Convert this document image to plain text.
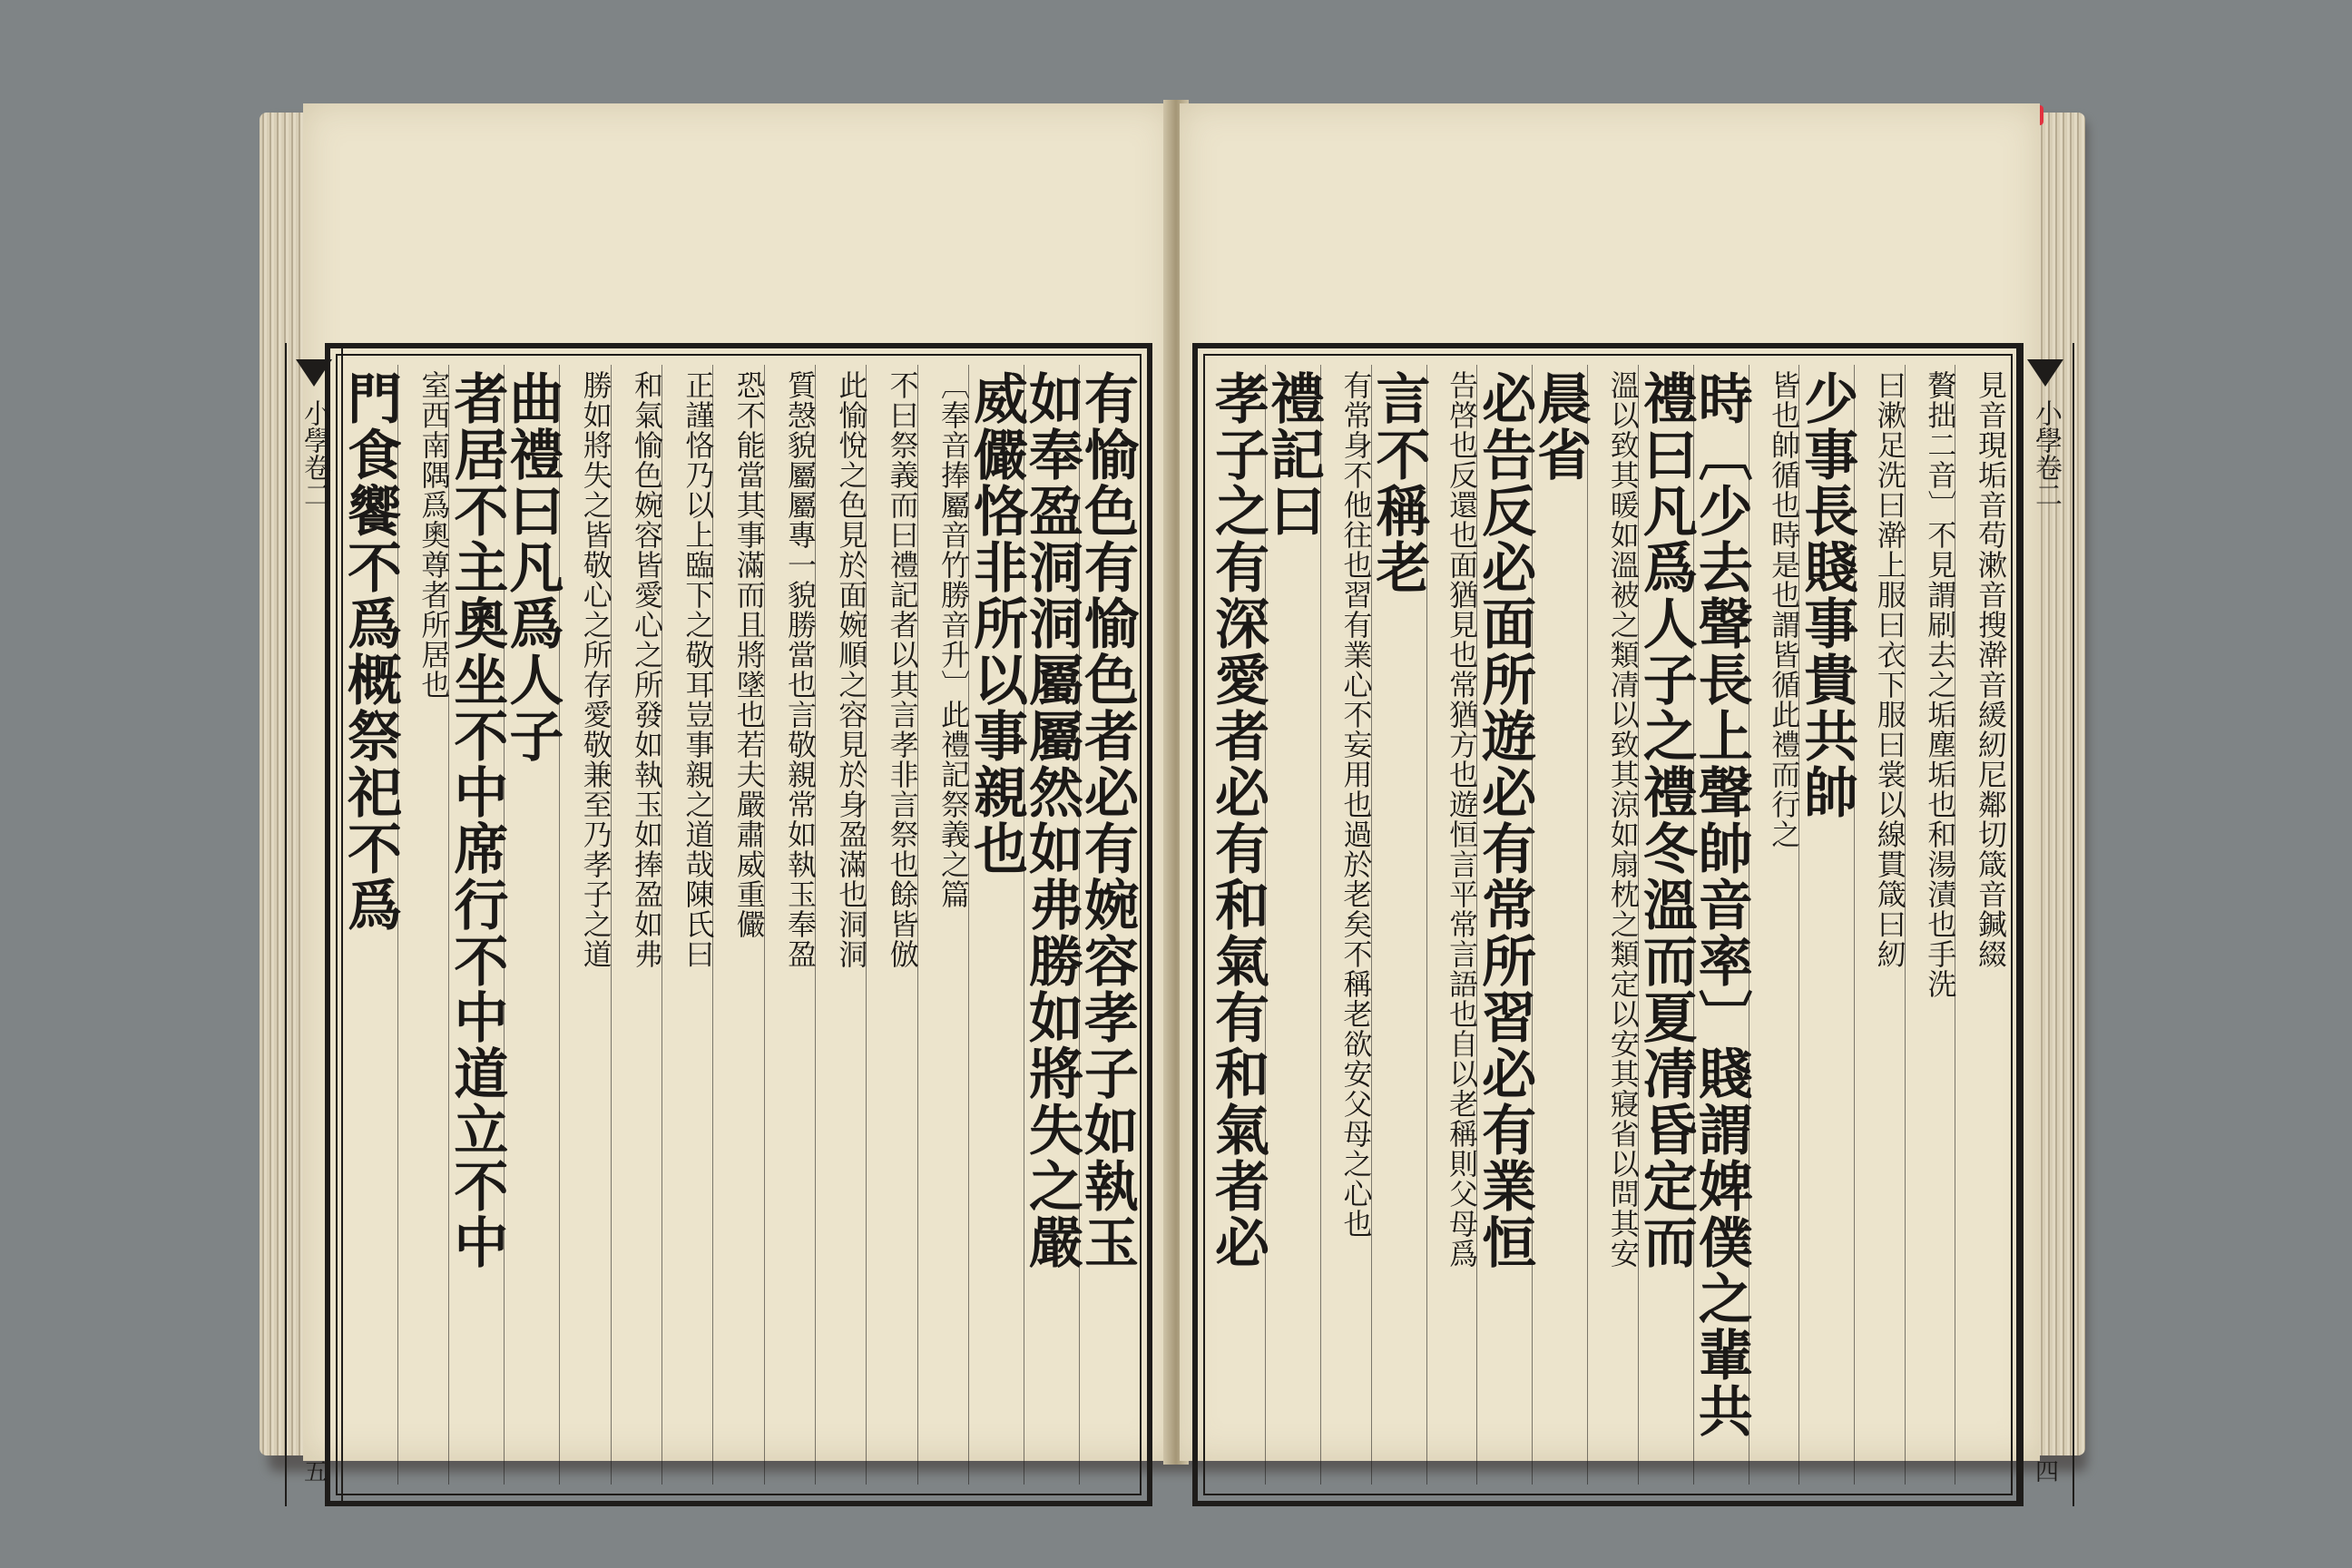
有愉色有愉色者必有婉容孝子如執玉
如奉盈洞洞屬屬然如弗勝如將失之嚴
威儼恪非所以事親也
〔奉音捧屬音竹勝音升〕此禮記祭義之篇
不曰祭義而曰禮記者以其言孝非言祭也餘皆倣
此愉悅之色見於面婉順之容見於身盈滿也洞洞
質愨貌屬屬專一貌勝當也言敬親常如執玉奉盈
恐不能當其事滿而且將墜也若夫嚴肅威重儼
正謹恪乃以上臨下之敬耳豈事親之道哉陳氏曰
和氣愉色婉容皆愛心之所發如執玉如捧盈如弗
勝如將失之皆敬心之所存愛敬兼至乃孝子之道
曲禮曰凡爲人子
者居不主奧坐不中席行不中道立不中
室西南隅爲奧尊者所居也
門食饗不爲概祭祀不爲
小學卷二
五
見音現垢音苟漱音搜澣音緩紉尼鄰切箴音鍼綴
贅拙二音〕不見謂刷去之垢塵垢也和湯漬也手洗
曰漱足洗曰澣上服曰衣下服曰裳以線貫箴曰紉
少事長賤事貴共帥
皆也帥循也時是也謂皆循此禮而行之
時〔少去聲長上聲帥音率〕賤謂婢僕之輩共
禮曰凡爲人子之禮冬溫而夏凊昏定而
溫以致其暖如溫被之類凊以致其涼如扇枕之類定以安其寢省以問其安
晨省
必告反必面所遊必有常所習必有業恒
告啓也反還也面猶見也常猶方也遊恒言平常言語也自以老稱則父母爲
言不稱老
有常身不他往也習有業心不妄用也過於老矣不稱老欲安父母之心也
禮記曰
孝子之有深愛者必有和氣有和氣者必	小學卷二
四
